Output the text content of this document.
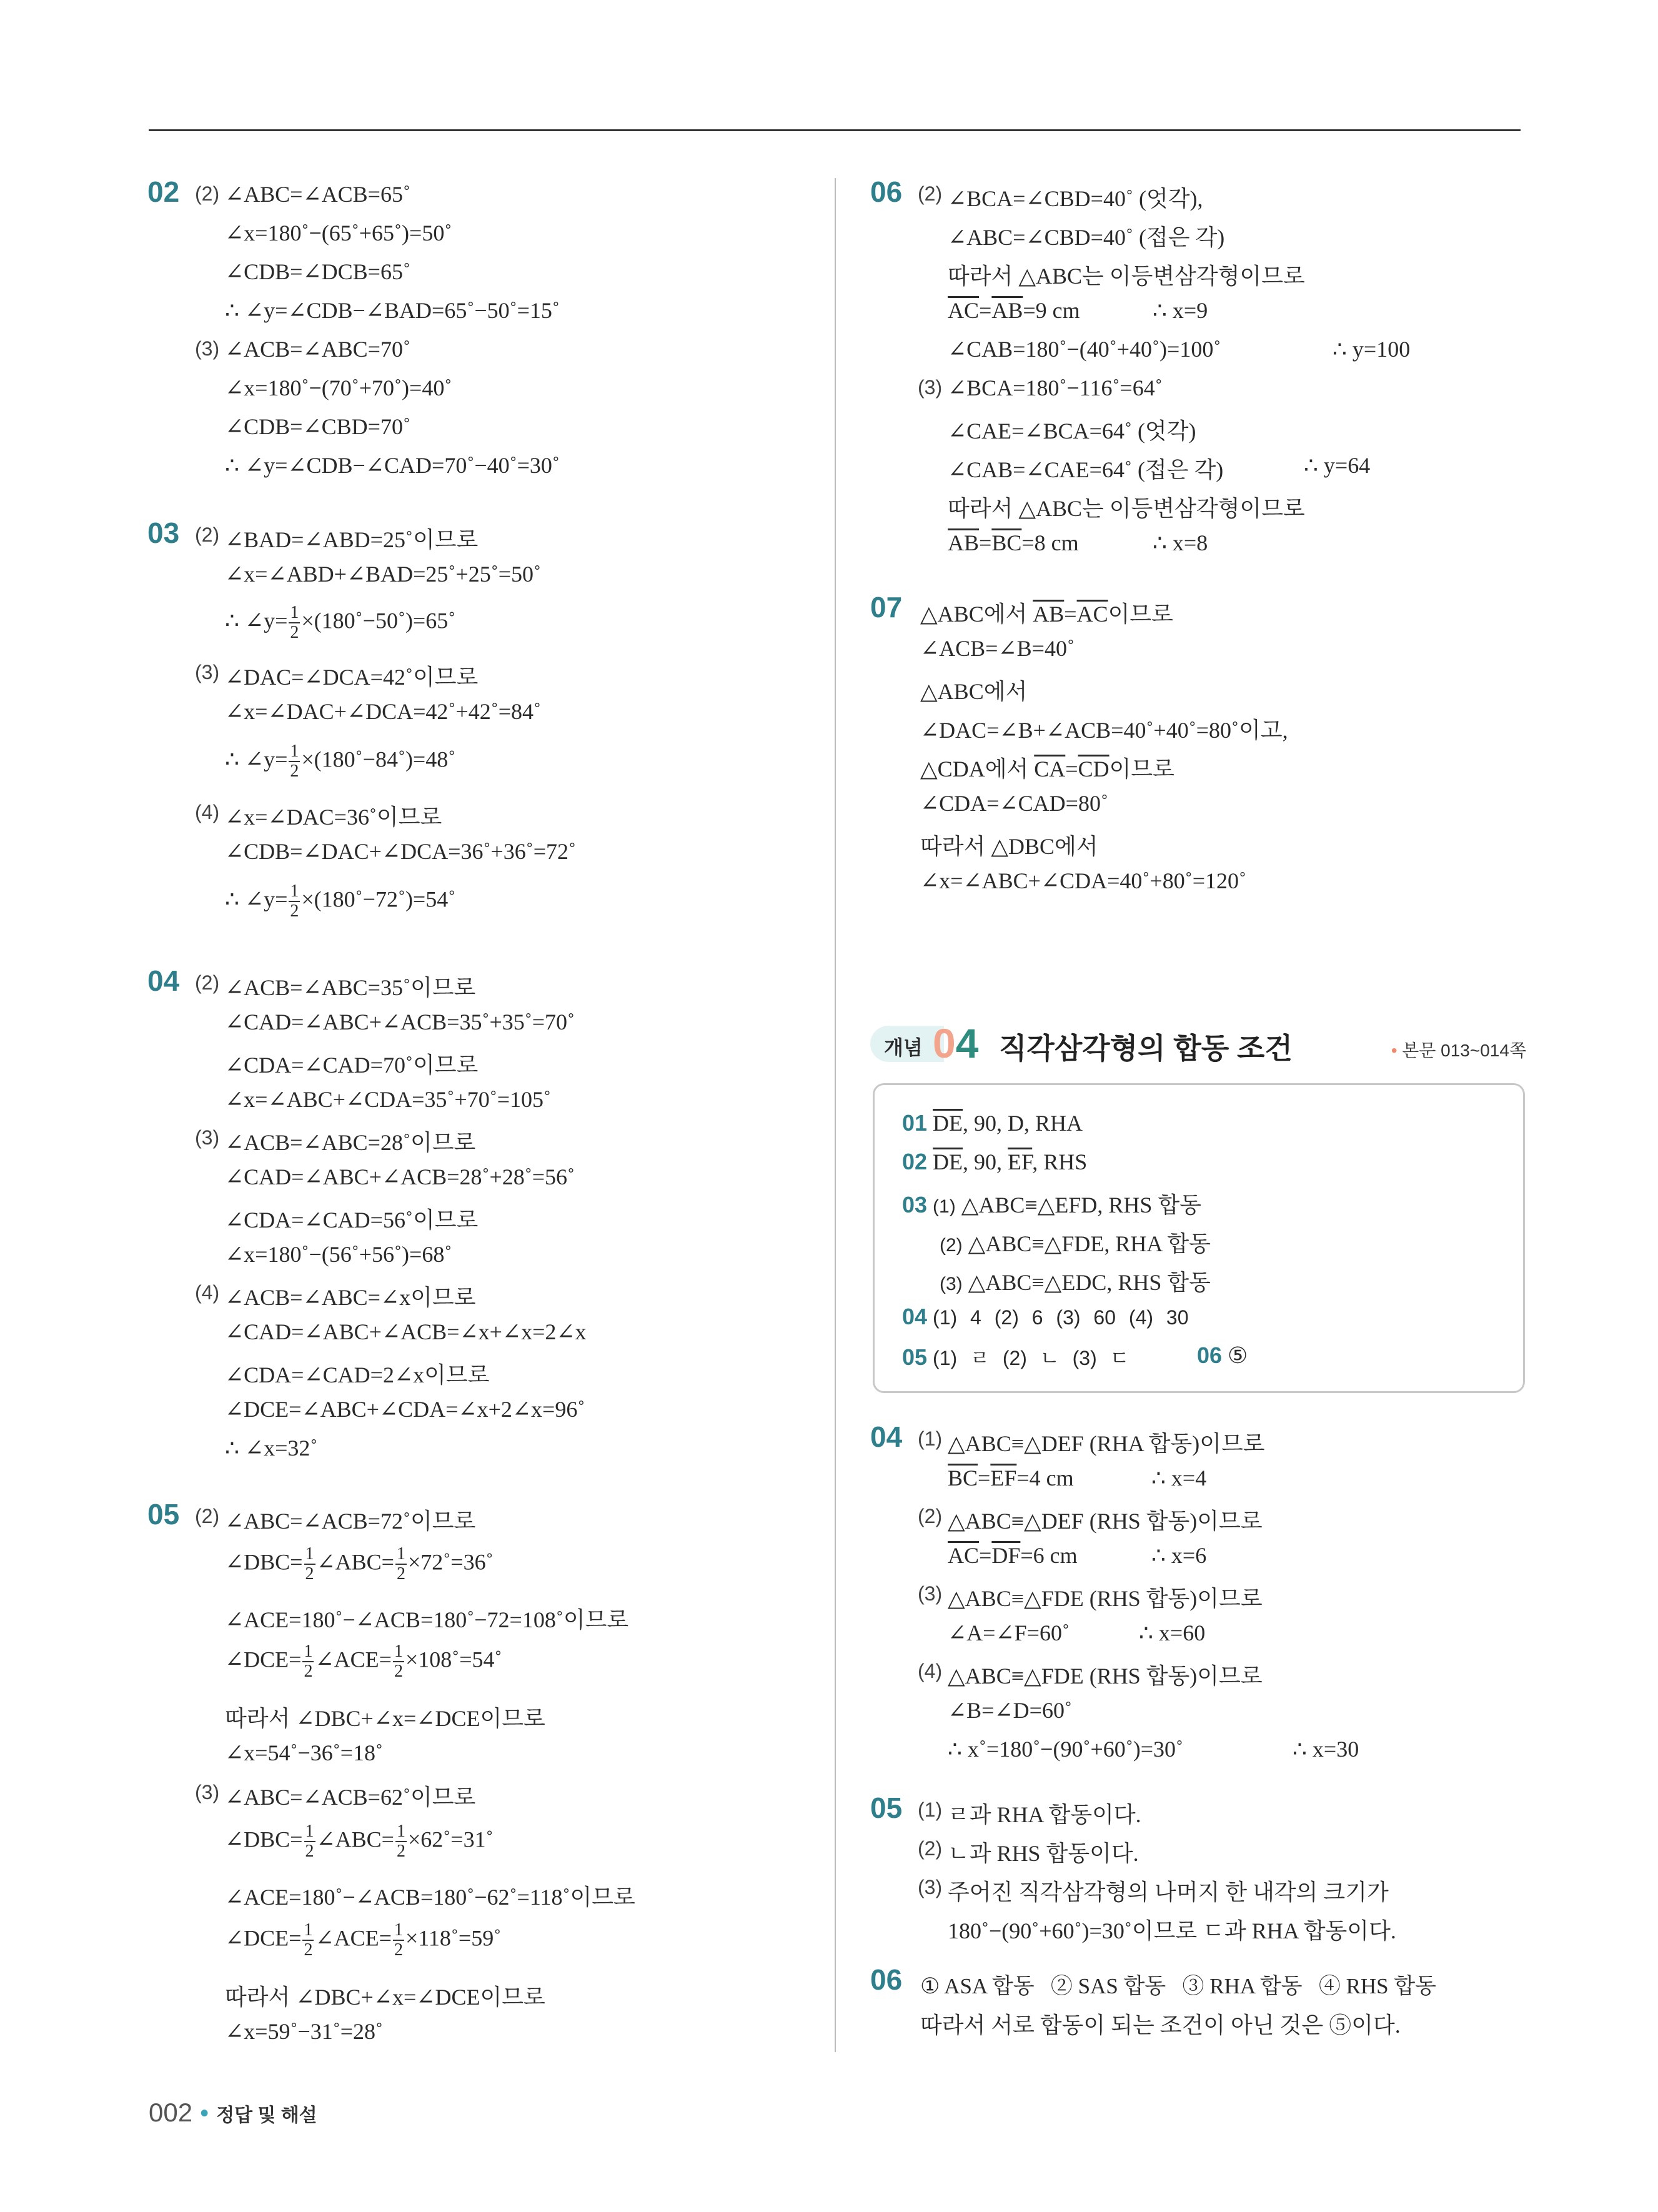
02 (2) ∠ABC=∠ACB=65˚
∠x=180˚−(65˚+65˚)=50˚
∠CDB=∠DCB=65˚
∴ ∠y=∠CDB−∠BAD=65˚−50˚=15˚
(3) ∠ACB=∠ABC=70˚
∠x=180˚−(70˚+70˚)=40˚
∠CDB=∠CBD=70˚
∴ ∠y=∠CDB−∠CAD=70˚−40˚=30˚
03 (2) ∠BAD=∠ABD=25˚이므로
∠x=∠ABD+∠BAD=25˚+25˚=50˚
∴ ∠y= $\frac{1}{2}$ ×(180˚−50˚)=65˚
(3) ∠DAC=∠DCA=42˚이므로
∠x=∠DAC+∠DCA=42˚+42˚=84˚
∴ ∠y= $\frac{1}{2}$ ×(180˚−84˚)=48˚
(4) ∠x=∠DAC=36˚이므로
∠CDB=∠DAC+∠DCA=36˚+36˚=72˚
∴ ∠y= $\frac{1}{2}$ ×(180˚−72˚)=54˚
04 (2) ∠ACB=∠ABC=35˚이므로
∠CAD=∠ABC+∠ACB=35˚+35˚=70˚
∠CDA=∠CAD=70˚이므로
∠x=∠ABC+∠CDA=35˚+70˚=105˚
(3) ∠ACB=∠ABC=28˚이므로
∠CAD=∠ABC+∠ACB=28˚+28˚=56˚
∠CDA=∠CAD=56˚이므로
∠x=180˚−(56˚+56˚)=68˚
(4) ∠ACB=∠ABC=∠x이므로
∠CAD=∠ABC+∠ACB=∠x+∠x=2∠x
∠CDA=∠CAD=2∠x이므로
∠DCE=∠ABC+∠CDA=∠x+2∠x=96˚
∴ ∠x=32˚
05 (2) ∠ABC=∠ACB=72˚이므로
∠DBC= $\frac{1}{2}$ ∠ABC= $\frac{1}{2}$ ×72˚=36˚
∠ACE=180˚−∠ACB=180˚−72=108˚이므로
∠DCE= $\frac{1}{2}$ ∠ACE= $\frac{1}{2}$ ×108˚=54˚
따라서 ∠DBC+∠x=∠DCE이므로
∠x=54˚−36˚=18˚
(3) ∠ABC=∠ACB=62˚이므로
∠DBC= $\frac{1}{2}$ ∠ABC= $\frac{1}{2}$ ×62˚=31˚
∠ACE=180˚−∠ACB=180˚−62˚=118˚이므로
∠DCE= $\frac{1}{2}$ ∠ACE= $\frac{1}{2}$ ×118˚=59˚
따라서 ∠DBC+∠x=∠DCE이므로
∠x=59˚−31˚=28˚
06 (2) ∠BCA=∠CBD=40˚ (엇각),
∠ABC=∠CBD=40˚ (접은 각)
따라서 △ABC는 이등변삼각형이므로
$\overline{AC}=\overline{AB}=9$ cm	∴ x=9
∠CAB=180˚−(40˚+40˚)=100˚	∴ y=100
(3) ∠BCA=180˚−116˚=64˚
∠CAE=∠BCA=64˚ (엇각)
∠CAB=∠CAE=64˚ (접은 각)	∴ y=64
따라서 △ABC는 이등변삼각형이므로
$\overline{AB}=\overline{BC}=8$ cm	∴ x=8
07 △ABC에서 $\overline{AB}=\overline{AC}$이므로
∠ACB=∠B=40˚
△ABC에서
∠DAC=∠B+∠ACB=40˚+40˚=80˚이고,
△CDA에서 $\overline{CA}=\overline{CD}$이므로
∠CDA=∠CAD=80˚
따라서 △DBC에서
∠x=∠ABC+∠CDA=40˚+80˚=120˚
개념 04 직각삼각형의 합동 조건	• 본문 013~014쪽
01 $\overline{DE}$, 90, D, RHA
02 $\overline{DE}$, 90, $\overline{EF}$, RHS
03 (1) △ABC≡△EFD, RHS 합동
(2) △ABC≡△FDE, RHA 합동
(3) △ABC≡△EDC, RHS 합동
04 (1) 4 (2) 6 (3) 60 (4) 30
05 (1) ㄹ (2) ㄴ (3) ㄷ	06 ⑤
04 (1) △ABC≡△DEF (RHA 합동)이므로
$\overline{BC}=\overline{EF}=4$ cm	∴ x=4
(2) △ABC≡△DEF (RHS 합동)이므로
$\overline{AC}=\overline{DF}=6$ cm	∴ x=6
(3) △ABC≡△FDE (RHS 합동)이므로
∠A=∠F=60˚	∴ x=60
(4) △ABC≡△FDE (RHS 합동)이므로
∠B=∠D=60˚
∴ x˚=180˚−(90˚+60˚)=30˚	∴ x=30
05 (1) ㄹ과 RHA 합동이다.
(2) ㄴ과 RHS 합동이다.
(3) 주어진 직각삼각형의 나머지 한 내각의 크기가
180˚−(90˚+60˚)=30˚이므로 ㄷ과 RHA 합동이다.
06 ① ASA 합동   ② SAS 합동   ③ RHA 합동   ④ RHS 합동
따라서 서로 합동이 되는 조건이 아닌 것은 ⑤이다.
002 • 정답 및 해설
